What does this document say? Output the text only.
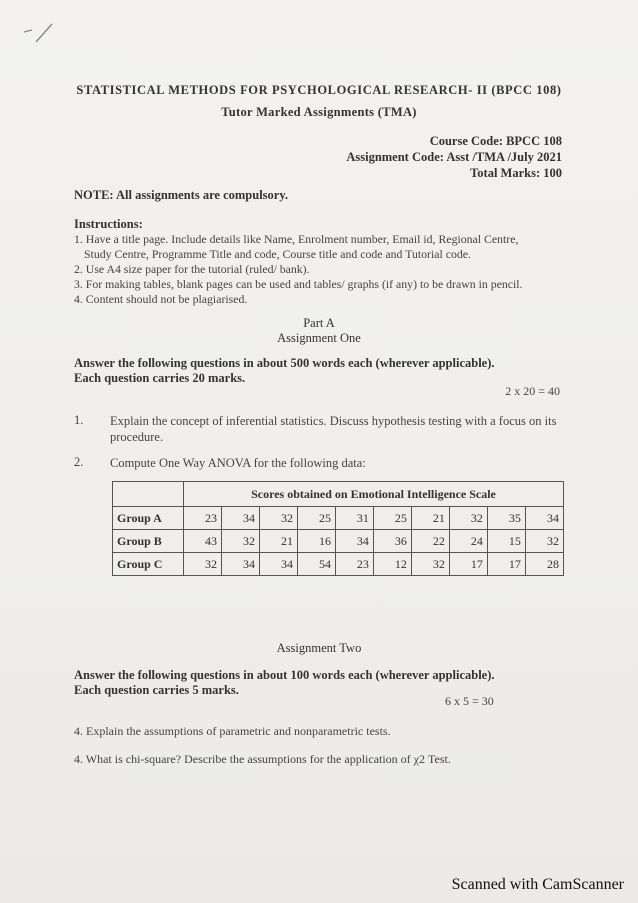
STATISTICAL METHODS FOR PSYCHOLOGICAL RESEARCH- II (BPCC 108)
Tutor Marked Assignments (TMA)
Course Code: BPCC 108
Assignment Code: Asst /TMA /July 2021
Total Marks: 100
NOTE: All assignments are compulsory.
Instructions:
1. Have a title page. Include details like Name, Enrolment number, Email id, Regional Centre,
Study Centre, Programme Title and code, Course title and code and Tutorial code.
2. Use A4 size paper for the tutorial (ruled/ bank).
3. For making tables, blank pages can be used and tables/ graphs (if any) to be drawn in pencil.
4. Content should not be plagiarised.
Part A
Assignment One
Answer the following questions in about 500 words each (wherever applicable).
Each question carries 20 marks.
2 x 20 = 40
1. Explain the concept of inferential statistics. Discuss hypothesis testing with a focus on its
procedure.
2. Compute One Way ANOVA for the following data:
	Scores obtained on Emotional Intelligence Scale									
Group A	23	34	32	25	31	25	21	32	35	34
Group B	43	32	21	16	34	36	22	24	15	32
Group C	32	34	34	54	23	12	32	17	17	28
Assignment Two
Answer the following questions in about 100 words each (wherever applicable).
Each question carries 5 marks.
6 x 5 = 30
4. Explain the assumptions of parametric and nonparametric tests.
4. What is chi-square? Describe the assumptions for the application of χ2 Test.
Scanned with CamScanner
